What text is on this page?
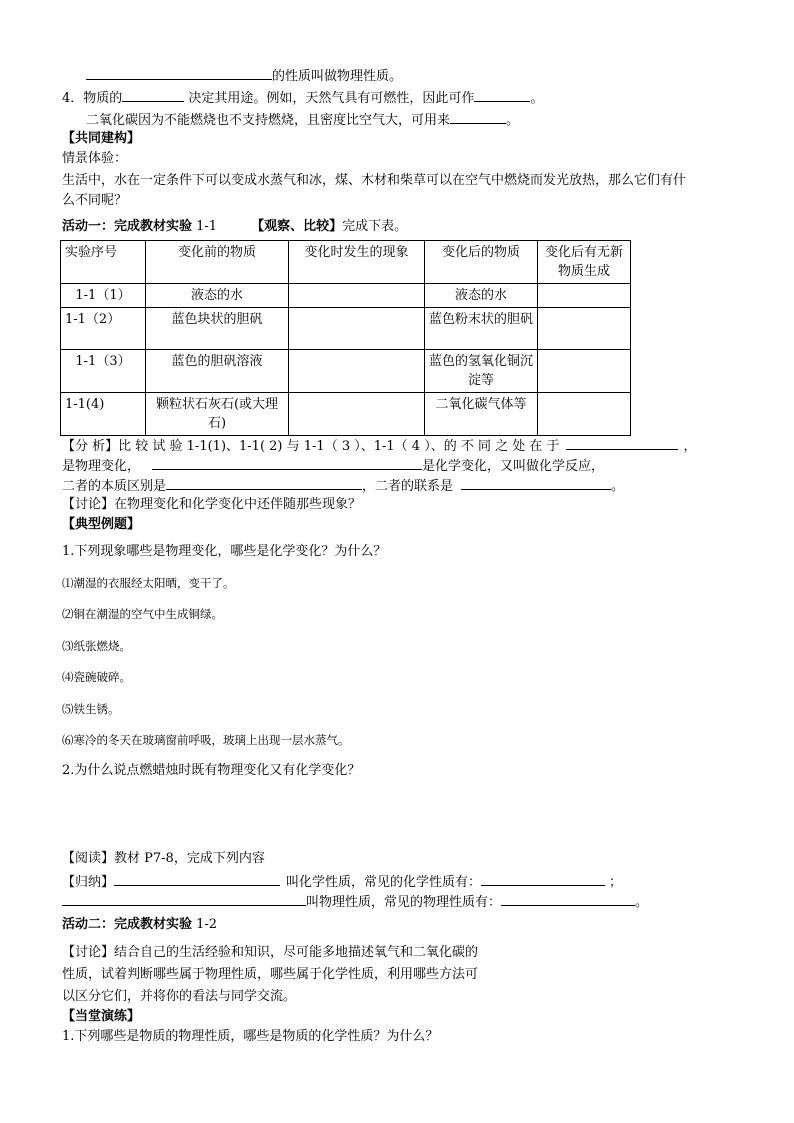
的性质叫做物理性质。
4．物质的	决定其用途。例如，天然气具有可燃性，因此可作	。
二氧化碳因为不能燃烧也不支持燃烧，且密度比空气大，可用来	。
【共同建构】
情景体验：
生活中，水在一定条件下可以变成水蒸气和冰，煤、木材和柴草可以在空气中燃烧而发光放热，那么它们有什
么不同呢？
活动一：完成教材实验 1-1	【观察、比较】完成下表。
实验序号	变化前的物质	变化时发生的现象	变化后的物质	变化后有无新物质生成
1-1（1）	液态的水		液态的水	
1-1（2）	蓝色块状的胆矾		蓝色粉末状的胆矾	
1-1（3）	蓝色的胆矾溶液		蓝色的氢氧化铜沉淀等	
1-1(4)	颗粒状石灰石(或大理石)		二氧化碳气体等	
【分 析】比 较 试 验 1-1(1)、1-1( 2) 与 1-1（ 3 ）、1-1（ 4 ）、的 不 同 之 处 在 于	，
是物理变化，	是化学变化，又叫做化学反应，
二者的本质区别是	，二者的联系是	。
【讨论】在物理变化和化学变化中还伴随那些现象？
【典型例题】
1.下列现象哪些是物理变化，哪些是化学变化？为什么？
⑴潮湿的衣服经太阳晒，变干了。
⑵铜在潮湿的空气中生成铜绿。
⑶纸张燃烧。
⑷瓷碗破碎。
⑸铁生锈。
⑹寒冷的冬天在玻璃窗前呼吸，玻璃上出现一层水蒸气。
2.为什么说点燃蜡烛时既有物理变化又有化学变化？
【阅读】教材 P7-8，完成下列内容
【归纳】	叫化学性质，常见的化学性质有：	；
叫物理性质，常见的物理性质有：	。
活动二：完成教材实验 1-2
【讨论】结合自己的生活经验和知识，尽可能多地描述氧气和二氧化碳的
性质，试着判断哪些属于物理性质，哪些属于化学性质，利用哪些方法可
以区分它们，并将你的看法与同学交流。
【当堂演练】
1.下列哪些是物质的物理性质，哪些是物质的化学性质？为什么？
